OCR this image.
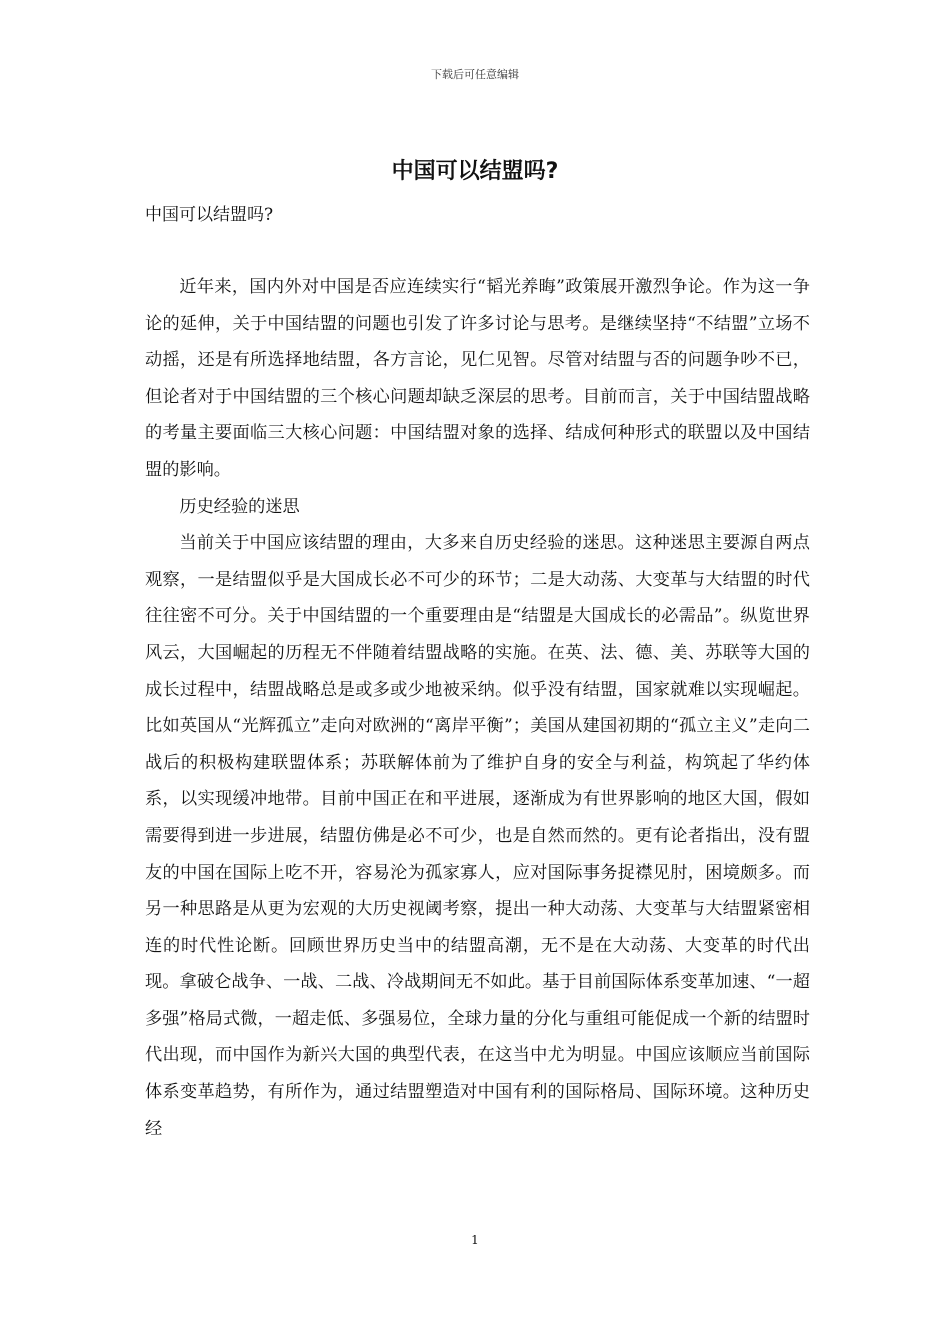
下载后可任意编辑
中国可以结盟吗?

中国可以结盟吗?

近年来，国内外对中国是否应连续实行“韬光养晦”政策展开激烈争论。作为这一争论的延伸，关于中国结盟的问题也引发了许多讨论与思考。是继续坚持“不结盟”立场不动摇，还是有所选择地结盟，各方言论，见仁见智。尽管对结盟与否的问题争吵不已，但论者对于中国结盟的三个核心问题却缺乏深层的思考。目前而言，关于中国结盟战略的考量主要面临三大核心问题：中国结盟对象的选择、结成何种形式的联盟以及中国结盟的影响。

历史经验的迷思

当前关于中国应该结盟的理由，大多来自历史经验的迷思。这种迷思主要源自两点观察，一是结盟似乎是大国成长必不可少的环节；二是大动荡、大变革与大结盟的时代往往密不可分。关于中国结盟的一个重要理由是“结盟是大国成长的必需品”。纵览世界风云，大国崛起的历程无不伴随着结盟战略的实施。在英、法、德、美、苏联等大国的成长过程中，结盟战略总是或多或少地被采纳。似乎没有结盟，国家就难以实现崛起。比如英国从“光辉孤立”走向对欧洲的“离岸平衡”；美国从建国初期的“孤立主义”走向二战后的积极构建联盟体系；苏联解体前为了维护自身的安全与利益，构筑起了华约体系，以实现缓冲地带。目前中国正在和平进展，逐渐成为有世界影响的地区大国，假如需要得到进一步进展，结盟仿佛是必不可少，也是自然而然的。更有论者指出，没有盟友的中国在国际上吃不开，容易沦为孤家寡人，应对国际事务捉襟见肘，困境颇多。而另一种思路是从更为宏观的大历史视阈考察，提出一种大动荡、大变革与大结盟紧密相连的时代性论断。回顾世界历史当中的结盟高潮，无不是在大动荡、大变革的时代出现。拿破仑战争、一战、二战、冷战期间无不如此。基于目前国际体系变革加速、“一超多强”格局式微，一超走低、多强易位，全球力量的分化与重组可能促成一个新的结盟时代出现，而中国作为新兴大国的典型代表，在这当中尤为明显。中国应该顺应当前国际体系变革趋势，有所作为，通过结盟塑造对中国有利的国际格局、国际环境。这种历史经

1
